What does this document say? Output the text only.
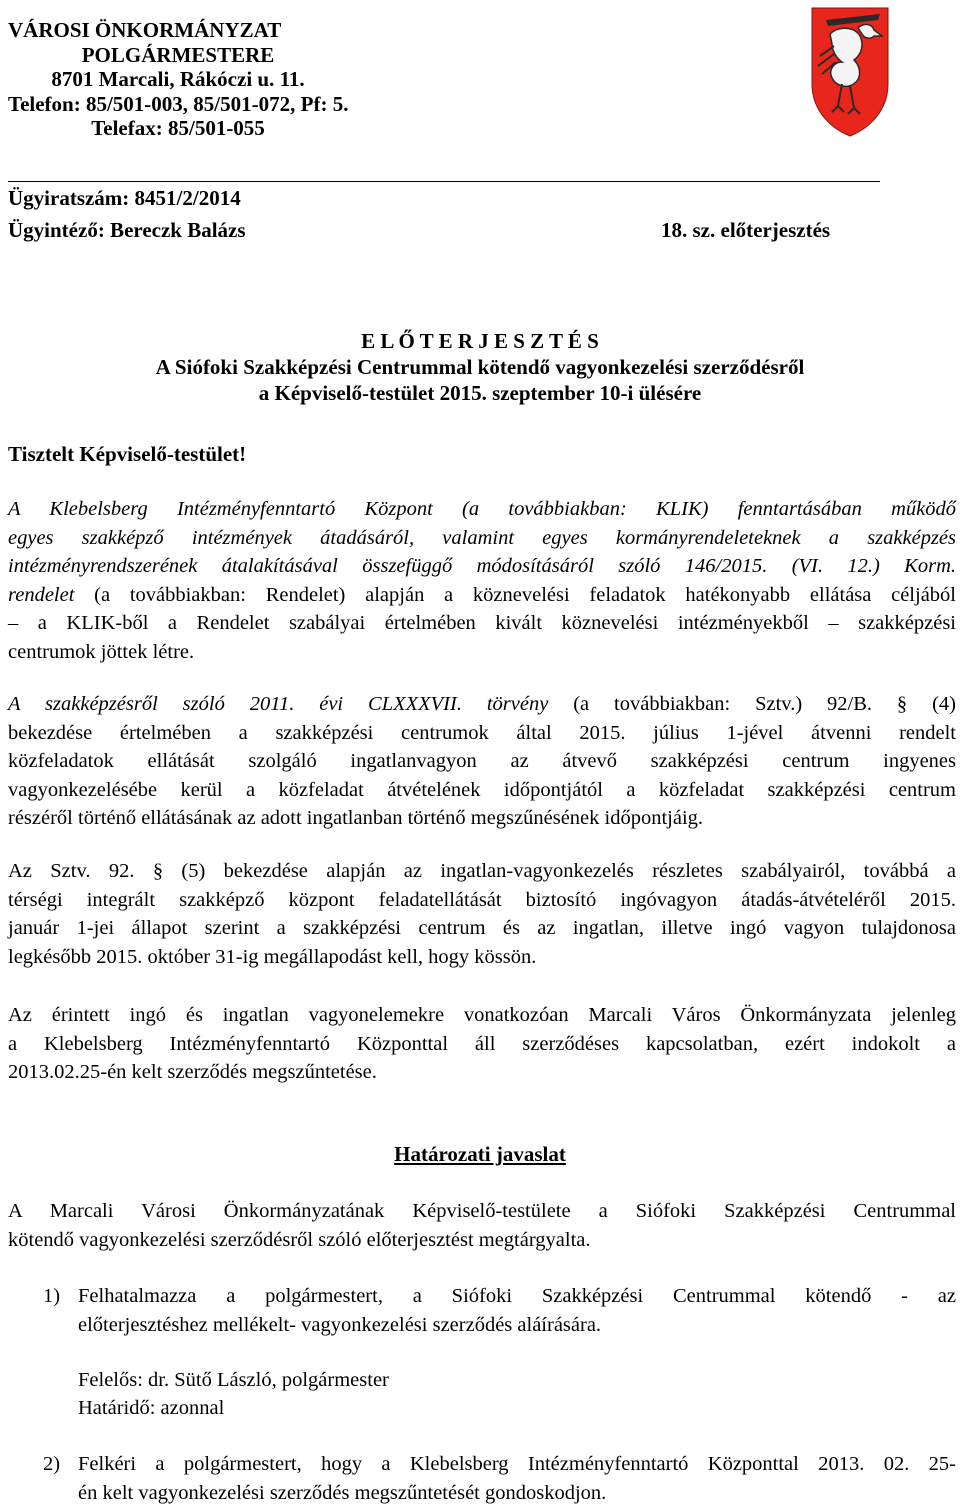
VÁROSI ÖNKORMÁNYZAT
POLGÁRMESTERE
8701 Marcali, Rákóczi u. 11.
Telefon: 85/501-003, 85/501-072, Pf: 5.
Telefax: 85/501-055
Ügyiratszám: 8451/2/2014
Ügyintéző: Bereczk Balázs	18. sz. előterjesztés
E L Ő T E R J E S Z T É S
A Siófoki Szakképzési Centrummal kötendő vagyonkezelési szerződésről
a Képviselő-testület 2015. szeptember 10-i ülésére
Tisztelt Képviselő-testület!
A Klebelsberg Intézményfenntartó Központ (a továbbiakban: KLIK) fenntartásában működő
egyes szakképző intézmények átadásáról, valamint egyes kormányrendeleteknek a szakképzés
intézményrendszerének átalakításával összefüggő módosításáról szóló 146/2015. (VI. 12.) Korm.
rendelet (a továbbiakban: Rendelet) alapján a köznevelési feladatok hatékonyabb ellátása céljából
– a KLIK-ből a Rendelet szabályai értelmében kivált köznevelési intézményekből – szakképzési
centrumok jöttek létre.
A szakképzésről szóló 2011. évi CLXXXVII. törvény (a továbbiakban: Sztv.) 92/B. § (4)
bekezdése értelmében a szakképzési centrumok által 2015. július 1-jével átvenni rendelt
közfeladatok ellátását szolgáló ingatlanvagyon az átvevő szakképzési centrum ingyenes
vagyonkezelésébe kerül a közfeladat átvételének időpontjától a közfeladat szakképzési centrum
részéről történő ellátásának az adott ingatlanban történő megszűnésének időpontjáig.
Az Sztv. 92. § (5) bekezdése alapján az ingatlan-vagyonkezelés részletes szabályairól, továbbá a
térségi integrált szakképző központ feladatellátását biztosító ingóvagyon átadás-átvételéről 2015.
január 1-jei állapot szerint a szakképzési centrum és az ingatlan, illetve ingó vagyon tulajdonosa
legkésőbb 2015. október 31-ig megállapodást kell, hogy kössön.
Az érintett ingó és ingatlan vagyonelemekre vonatkozóan Marcali Város Önkormányzata jelenleg
a Klebelsberg Intézményfenntartó Központtal áll szerződéses kapcsolatban, ezért indokolt a
2013.02.25-én kelt szerződés megszűntetése.
Határozati javaslat
A Marcali Városi Önkormányzatának Képviselő-testülete a Siófoki Szakképzési Centrummal
kötendő vagyonkezelési szerződésről szóló előterjesztést megtárgyalta.
1) Felhatalmazza a polgármestert, a Siófoki Szakképzési Centrummal kötendő - az
előterjesztéshez mellékelt- vagyonkezelési szerződés aláírására.
Felelős: dr. Sütő László, polgármester
Határidő: azonnal
2) Felkéri a polgármestert, hogy a Klebelsberg Intézményfenntartó Központtal 2013. 02. 25-
én kelt vagyonkezelési szerződés megszűntetését gondoskodjon.
